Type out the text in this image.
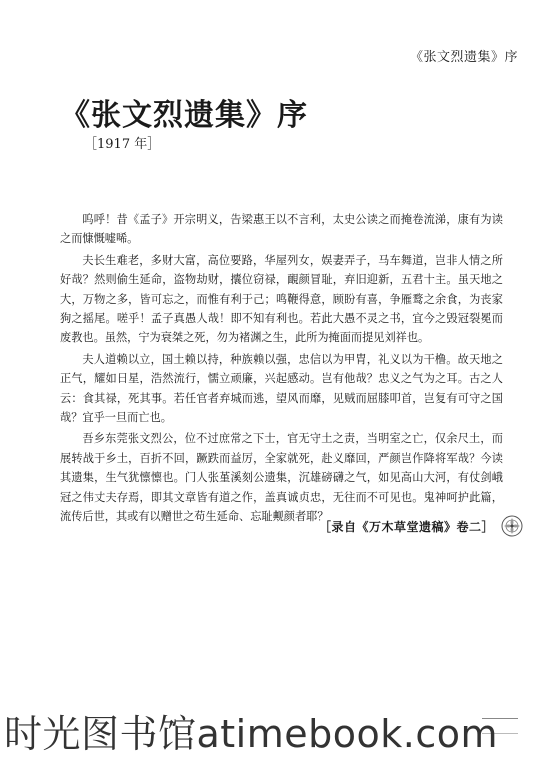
《张文烈遗集》序
《张文烈遗集》序
［1917 年］

呜呼！昔《孟子》开宗明义，告梁惠王以不言利，太史公读之而掩卷流涕，康有为读之而慷慨嘘唏。

夫长生难老，多财大富，高位要路，华屋列女，娱妻弄子，马车舞道，岂非人情之所好哉？然则偷生延命，盗物劫财，攮位窃禄，靦颜冒耻，弃旧迎新，五君十主。虽天地之大，万物之多，皆可忘之，而惟有利于己；鸣鞭得意，顾盼有喜，争雁鹜之余食，为丧家狗之摇尾。嗟乎！孟子真愚人哉！即不知有利也。若此大愚不灵之书，宜今之毁冠裂冕而废教也。虽然，宁为衰桀之死，勿为褚渊之生，此所为掩面而提见刘祥也。

夫人道赖以立，国土赖以持，种族赖以强，忠信以为甲胄，礼义以为干橹。故天地之正气，耀如日星，浩然流行，懦立顽廉，兴起感动。岂有他哉？忠义之气为之耳。古之人云：食其禄，死其事。若任官者弃城而逃，望风而靡，见贼而屈膝叩首，岂复有可守之国哉？宜乎一旦而亡也。

吾乡东莞张文烈公，位不过庶常之下士，官无守土之责，当明室之亡，仅余尺土，而展转战于乡土，百折不回，蹶跌而益厉，全家就死，赴义靡回，严颜岂作降将军哉？今读其遗集，生气犹懔懔也。门人张堇溪刻公遗集，沉雄磅礴之气，如见高山大河，有仗剑峨冠之伟丈夫存焉，即其文章皆有道之作，盖真诚贞忠，无往而不可见也。鬼神呵护此篇，流传后世，其或有以赠世之苟生延命、忘耻觍颜者耶？

［录自《万木草堂遗稿》卷二］
时光图书馆atimebook.com
